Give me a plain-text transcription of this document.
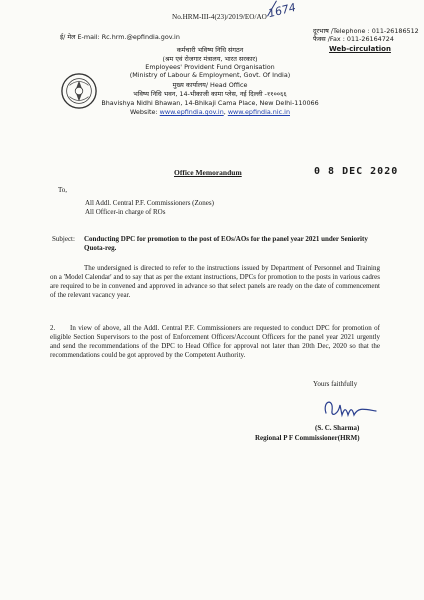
No.HRM-III-4(23)/2019/EO/AO 1674
ई/ मेल E-mail: Rc.hrm.@epfindia.gov.in
दूरभाष /Telephone : 011-26186512
फैक्स /Fax : 011-26164724
Web-circulation
कर्मचारी भविष्य निधि संगठन
(श्रम एवं रोजगार मंत्रालय, भारत सरकार)
Employees' Provident Fund Organisation
(Ministry of Labour & Employment, Govt. Of India)
मुख्य कार्यालय/ Head Office
भविष्य निधि भवन, 14-भीकाजी कामा प्लेस, नई दिल्ली -११००६६
Bhavishya Nidhi Bhawan, 14-Bhikaji Cama Place, New Delhi-110066
Website: www.epfindia.gov.in, www.epfindia.nic.in
Office Memorandum	0 8 DEC 2020
To,
All Addl. Central P.F. Commissioners (Zones)
All Officer-in charge of ROs
Subject: Conducting DPC for promotion to the post of EOs/AOs for the panel year 2021 under Seniority Quota-reg.
The undersigned is directed to refer to the instructions issued by Department of Personnel and Training on a 'Model Calendar' and to say that as per the extant instructions, DPCs for promotion to the posts in various cadres are required to be in convened and approved in advance so that select panels are ready on the date of commencement of the relevant vacancy year.
2. In view of above, all the Addl. Central P.F. Commissioners are requested to conduct DPC for promotion of eligible Section Supervisors to the post of Enforcement Officers/Account Officers for the panel year 2021 urgently and send the recommendations of the DPC to Head Office for approval not later than 20th Dec, 2020 so that the recommendations could be got approved by the Competent Authority.
Yours faithfully
(S. C. Sharma)
Regional P F Commissioner(HRM)
